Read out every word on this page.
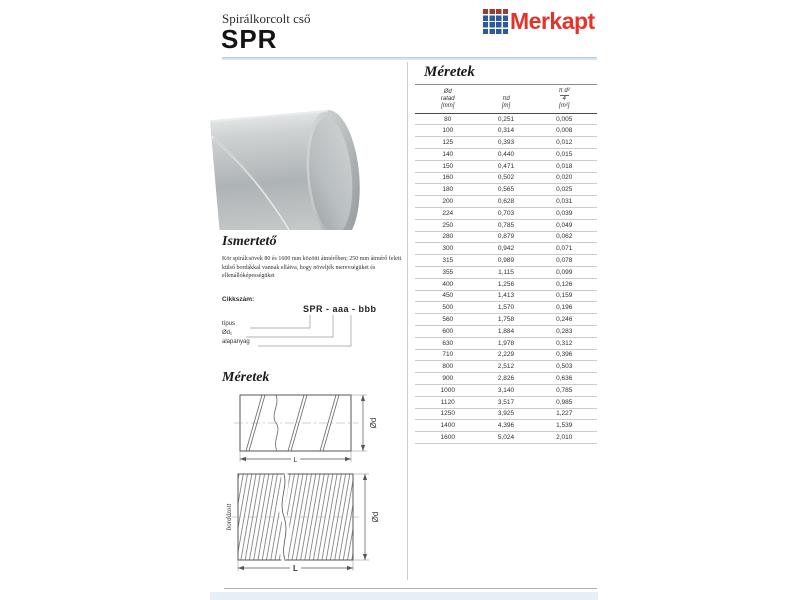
Spirálkorcolt cső
SPR
Merkapt
Ismertető
Kör spirálcsövek 80 és 1600 mm közötti átmérőben; 250 mm átmérő felett külső bordákkal vannak ellátva, hogy növeljék merevségüket és ellenállóképességüket
Cikkszám:
SPR - aaa - bbb
típus
Ød₁
alapanyag
Méretek
L
Ød
L
Ød
bordázott
Méretek
Ød
ratad
[mm]
πd
[m]
π d²
4
[m²]
80	0,251	0,005
100	0,314	0,008
125	0,393	0,012
140	0,440	0,015
150	0,471	0,018
160	0,502	0,020
180	0,565	0,025
200	0,628	0,031
224	0,703	0,039
250	0,785	0,049
280	0,879	0,062
300	0,942	0,071
315	0,989	0,078
355	1,115	0,099
400	1,256	0,126
450	1,413	0,159
500	1,570	0,196
560	1,758	0,246
600	1,884	0,283
630	1,978	0,312
710	2,229	0,396
800	2,512	0,503
900	2,826	0,636
1000	3,140	0,785
1120	3,517	0,985
1250	3,925	1,227
1400	4,396	1,539
1600	5,024	2,010
